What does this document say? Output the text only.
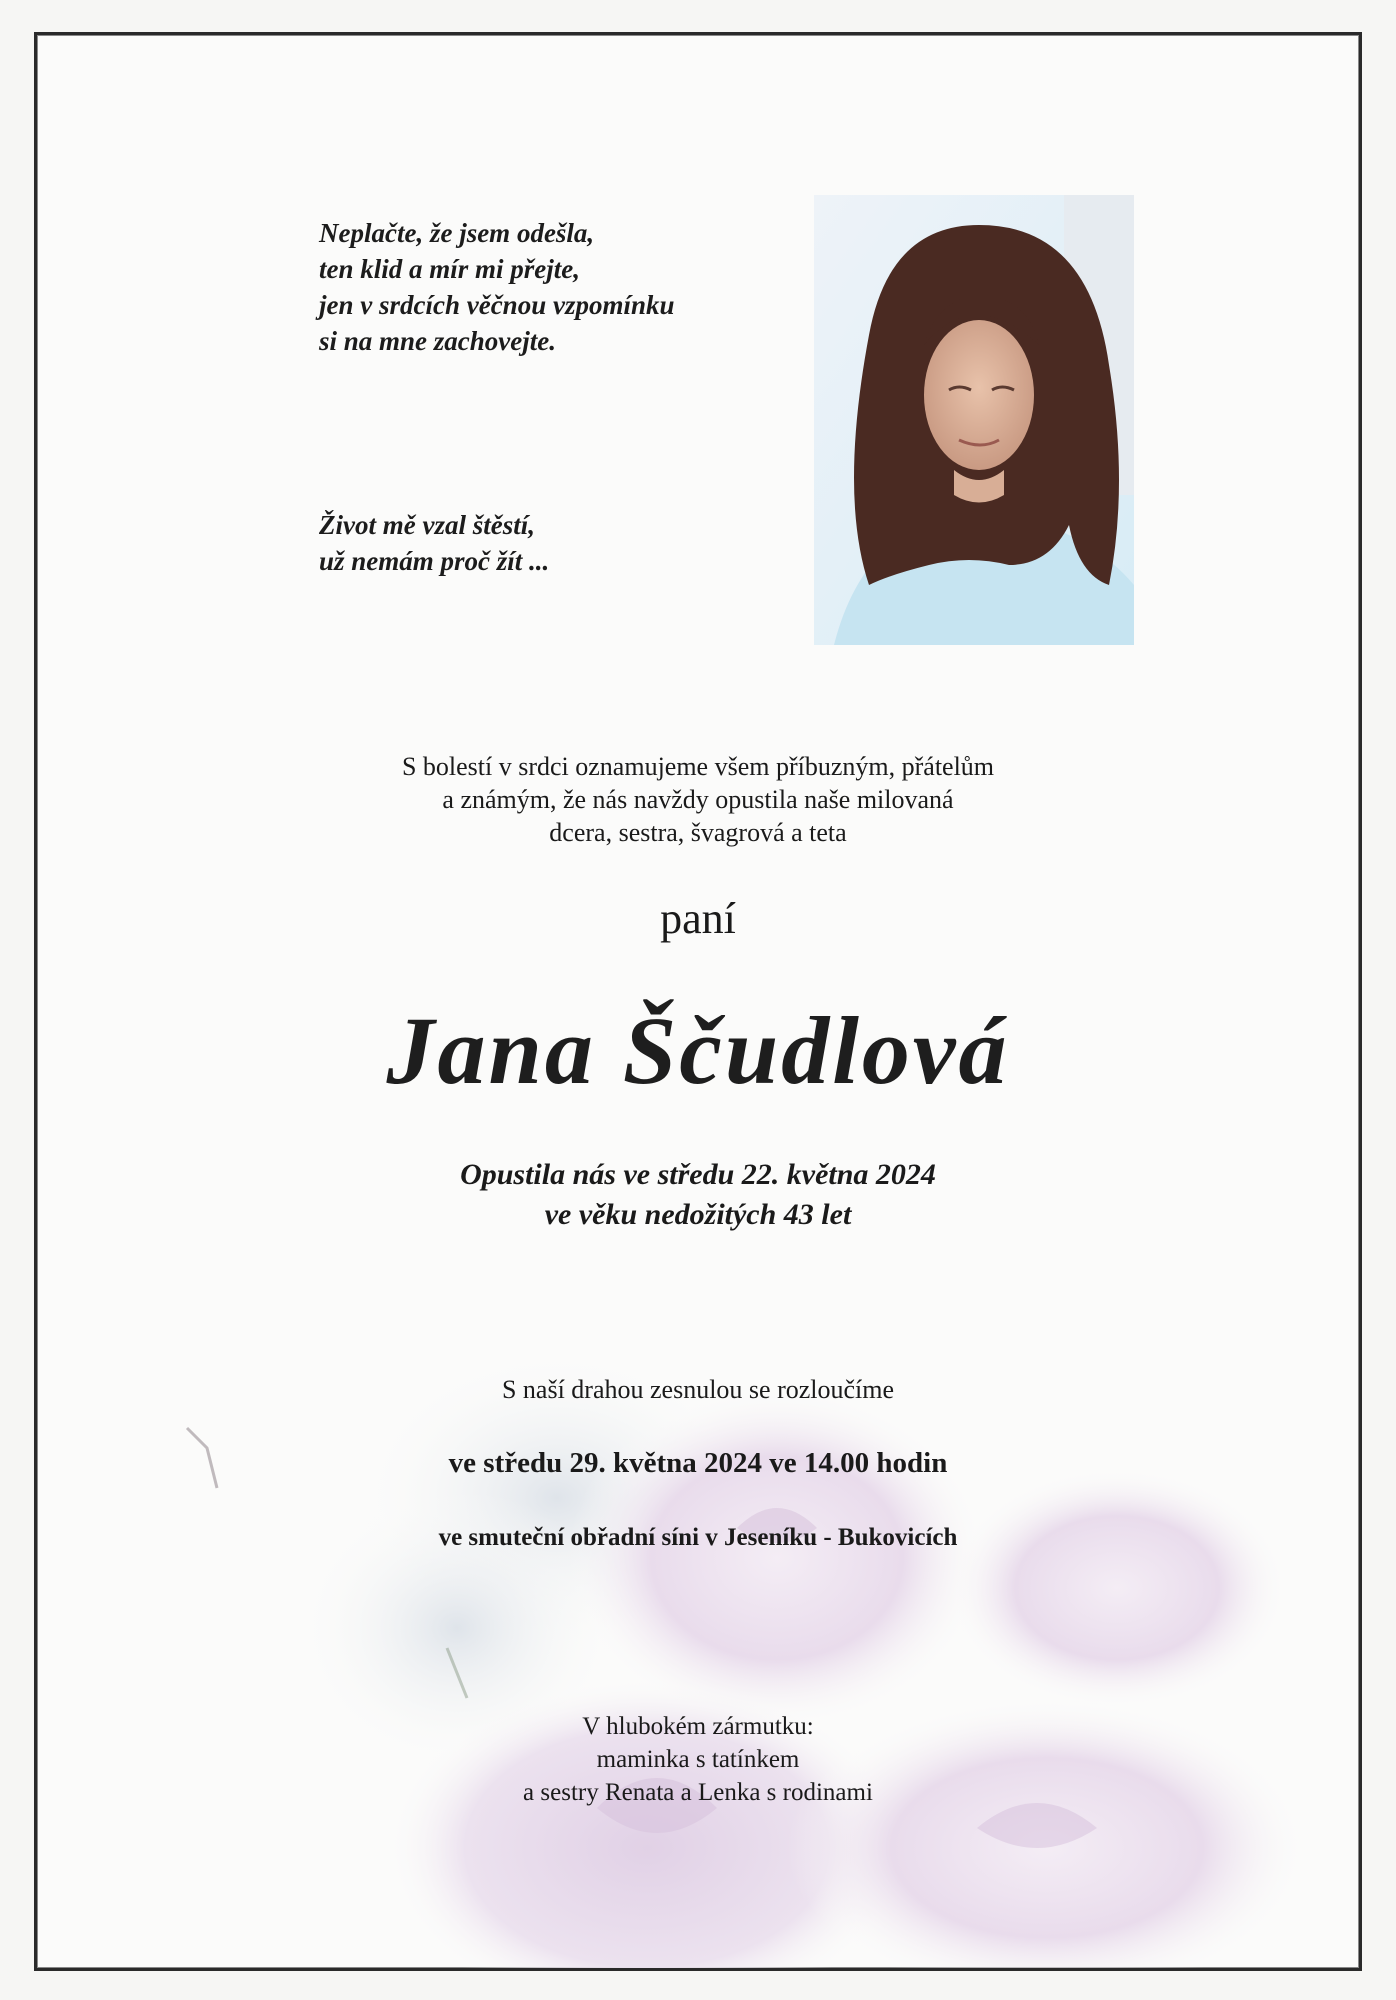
Neplačte, že jsem odešla,
ten klid a mír mi přejte,
jen v srdcích věčnou vzpomínku
si na mne zachovejte.
Život mě vzal štěstí,
už nemám proč žít ...
S bolestí v srdci oznamujeme všem příbuzným, přátelům
a známým, že nás navždy opustila naše milovaná
dcera, sestra, švagrová a teta
paní
Jana Ščudlová
Opustila nás ve středu 22. května 2024
ve věku nedožitých 43 let
S naší drahou zesnulou se rozloučíme
ve středu 29. května 2024 ve 14.00 hodin
ve smuteční obřadní síni v Jeseníku - Bukovicích
V hlubokém zármutku:
maminka s tatínkem
a sestry Renata a Lenka s rodinami
